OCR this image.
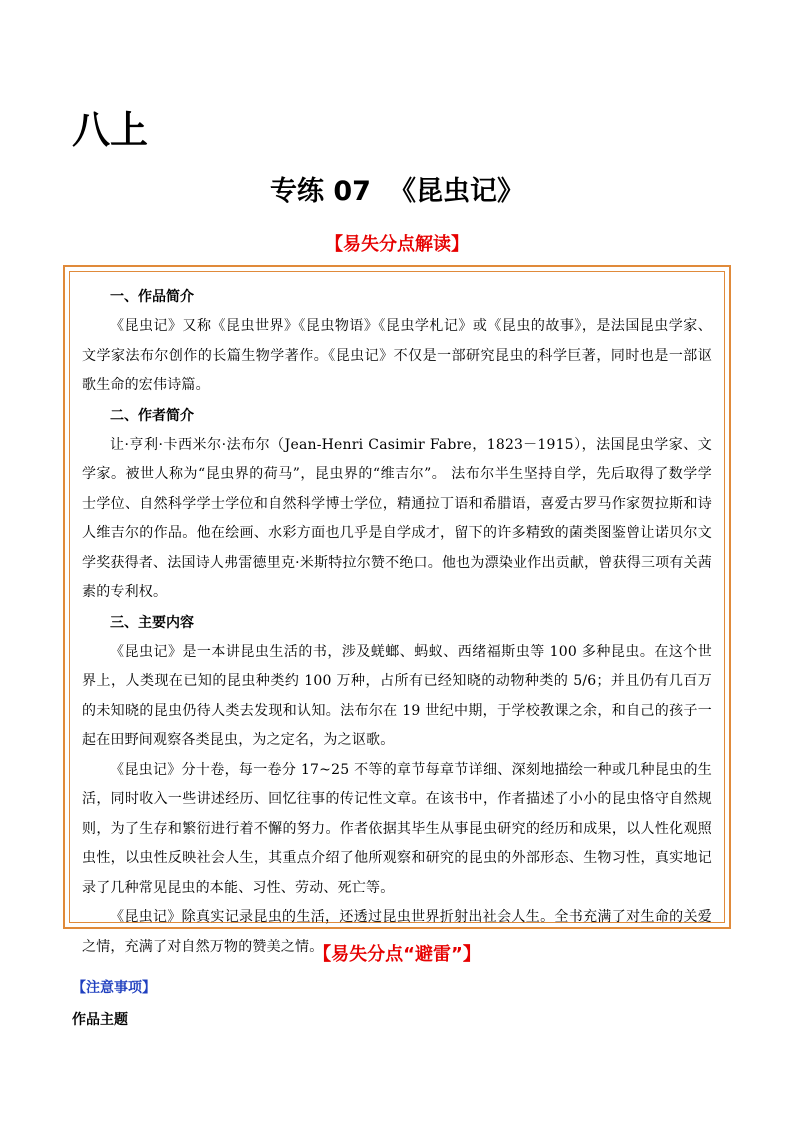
八上
专练 07 《昆虫记》
【易失分点解读】
一、作品简介

《昆虫记》又称《昆虫世界》《昆虫物语》《昆虫学札记》或《昆虫的故事》，是法国昆虫学家、文学家法布尔创作的长篇生物学著作。《昆虫记》不仅是一部研究昆虫的科学巨著，同时也是一部讴歌生命的宏伟诗篇。

二、作者简介

让·亨利·卡西米尔·法布尔（Jean-Henri Casimir Fabre，1823－1915），法国昆虫学家、文学家。被世人称为“昆虫界的荷马”，昆虫界的“维吉尔”。 法布尔半生坚持自学，先后取得了数学学士学位、自然科学学士学位和自然科学博士学位，精通拉丁语和希腊语，喜爱古罗马作家贺拉斯和诗人维吉尔的作品。他在绘画、水彩方面也几乎是自学成才，留下的许多精致的菌类图鉴曾让诺贝尔文学奖获得者、法国诗人弗雷德里克·米斯特拉尔赞不绝口。他也为漂染业作出贡献，曾获得三项有关茜素的专利权。

三、主要内容

《昆虫记》是一本讲昆虫生活的书，涉及蜣螂、蚂蚁、西绪福斯虫等 100 多种昆虫。在这个世界上，人类现在已知的昆虫种类约 100 万种，占所有已经知晓的动物种类的 5/6；并且仍有几百万的未知晓的昆虫仍待人类去发现和认知。法布尔在 19 世纪中期，于学校教课之余，和自己的孩子一起在田野间观察各类昆虫，为之定名，为之讴歌。

《昆虫记》分十卷，每一卷分 17~25 不等的章节每章节详细、深刻地描绘一种或几种昆虫的生活，同时收入一些讲述经历、回忆往事的传记性文章。在该书中，作者描述了小小的昆虫恪守自然规则，为了生存和繁衍进行着不懈的努力。作者依据其毕生从事昆虫研究的经历和成果，以人性化观照虫性，以虫性反映社会人生，其重点介绍了他所观察和研究的昆虫的外部形态、生物习性，真实地记录了几种常见昆虫的本能、习性、劳动、死亡等。

《昆虫记》除真实记录昆虫的生活，还透过昆虫世界折射出社会人生。全书充满了对生命的关爱之情，充满了对自然万物的赞美之情。

【易失分点“避雷”】
【注意事项】
作品主题
